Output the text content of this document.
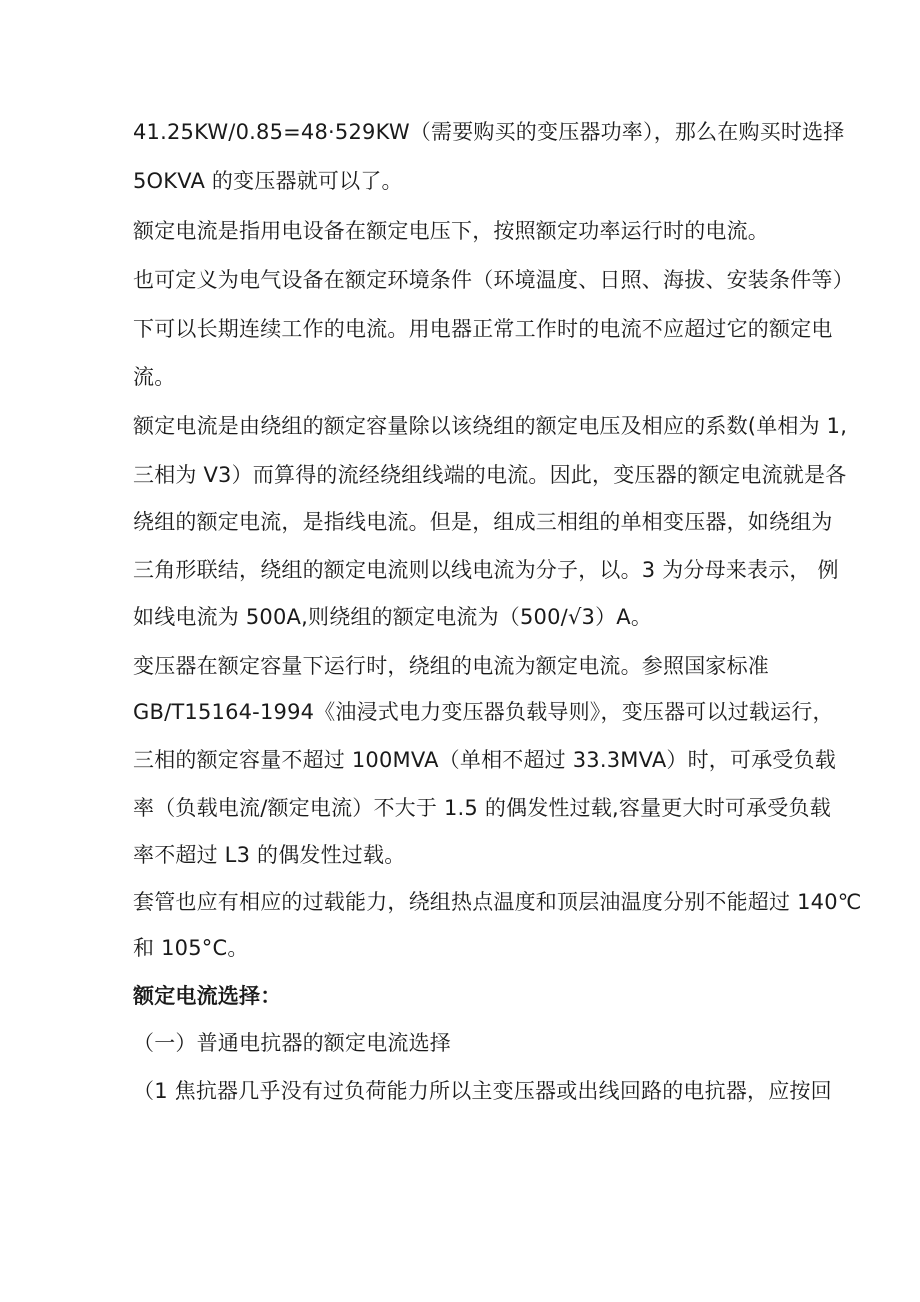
41.25KW/0.85=48·529KW（需要购买的变压器功率），那么在购买时选择
5OKVA 的变压器就可以了。
额定电流是指用电设备在额定电压下，按照额定功率运行时的电流。
也可定义为电气设备在额定环境条件（环境温度、日照、海拔、安装条件等）
下可以长期连续工作的电流。用电器正常工作时的电流不应超过它的额定电
流。
额定电流是由绕组的额定容量除以该绕组的额定电压及相应的系数(单相为 1,
三相为 V3）而算得的流经绕组线端的电流。因此，变压器的额定电流就是各
绕组的额定电流，是指线电流。但是，组成三相组的单相变压器，如绕组为
三角形联结，绕组的额定电流则以线电流为分子，以。3 为分母来表示， 例
如线电流为 500A,则绕组的额定电流为（500∕√3）A。
变压器在额定容量下运行时，绕组的电流为额定电流。参照国家标准
GB/T15164-1994《油浸式电力变压器负载导则》，变压器可以过载运行，
三相的额定容量不超过 100MVA（单相不超过 33.3MVA）时，可承受负载
率（负载电流/额定电流）不大于 1.5 的偶发性过载,容量更大时可承受负载
率不超过 L3 的偶发性过载。
套管也应有相应的过载能力，绕组热点温度和顶层油温度分别不能超过 140℃
和 105°C。
额定电流选择：
（一）普通电抗器的额定电流选择
（1 焦抗器几乎没有过负荷能力所以主变压器或出线回路的电抗器，应按回
